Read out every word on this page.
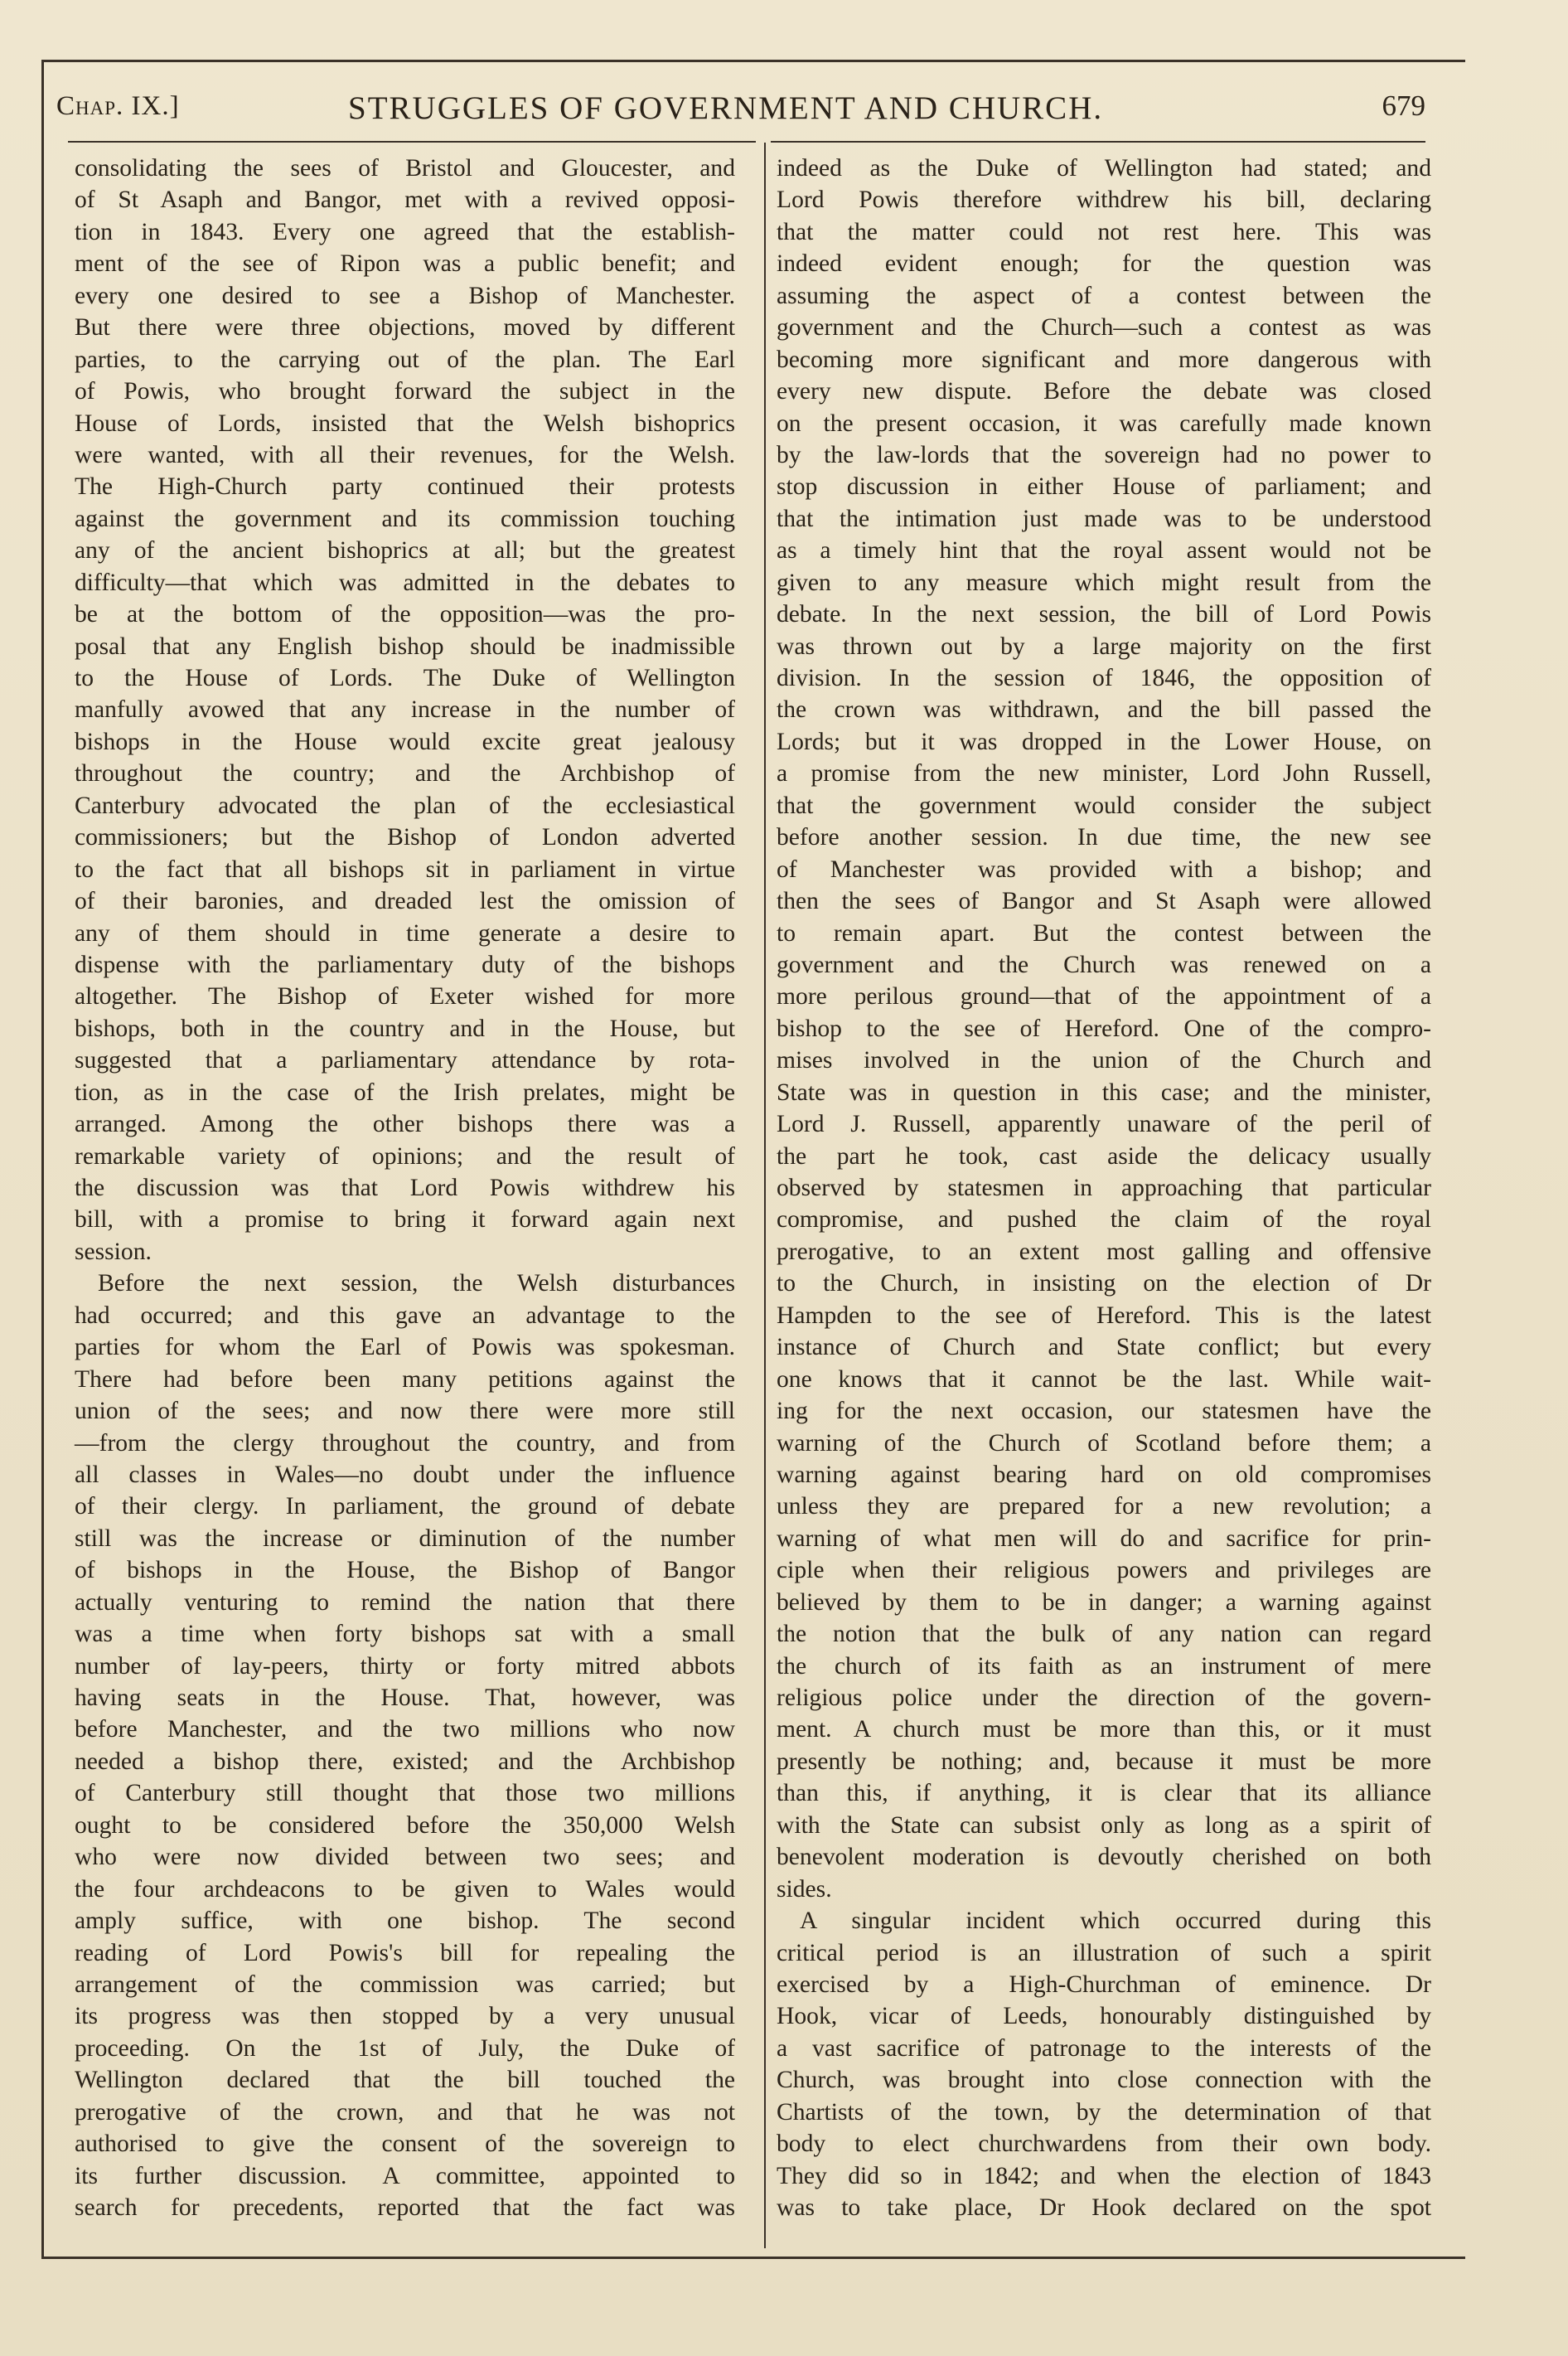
Chap. IX.]	STRUGGLES OF GOVERNMENT AND CHURCH.	679
consolidating the sees of Bristol and Gloucester, and
of St Asaph and Bangor, met with a revived opposi-
tion in 1843. Every one agreed that the establish-
ment of the see of Ripon was a public benefit; and
every one desired to see a Bishop of Manchester.
But there were three objections, moved by different
parties, to the carrying out of the plan. The Earl
of Powis, who brought forward the subject in the
House of Lords, insisted that the Welsh bishoprics
were wanted, with all their revenues, for the Welsh.
The High-Church party continued their protests
against the government and its commission touching
any of the ancient bishoprics at all; but the greatest
difficulty—that which was admitted in the debates to
be at the bottom of the opposition—was the pro-
posal that any English bishop should be inadmissible
to the House of Lords. The Duke of Wellington
manfully avowed that any increase in the number of
bishops in the House would excite great jealousy
throughout the country; and the Archbishop of
Canterbury advocated the plan of the ecclesiastical
commissioners; but the Bishop of London adverted
to the fact that all bishops sit in parliament in virtue
of their baronies, and dreaded lest the omission of
any of them should in time generate a desire to
dispense with the parliamentary duty of the bishops
altogether. The Bishop of Exeter wished for more
bishops, both in the country and in the House, but
suggested that a parliamentary attendance by rota-
tion, as in the case of the Irish prelates, might be
arranged. Among the other bishops there was a
remarkable variety of opinions; and the result of
the discussion was that Lord Powis withdrew his
bill, with a promise to bring it forward again next
session.
Before the next session, the Welsh disturbances
had occurred; and this gave an advantage to the
parties for whom the Earl of Powis was spokesman.
There had before been many petitions against the
union of the sees; and now there were more still
—from the clergy throughout the country, and from
all classes in Wales—no doubt under the influence
of their clergy. In parliament, the ground of debate
still was the increase or diminution of the number
of bishops in the House, the Bishop of Bangor
actually venturing to remind the nation that there
was a time when forty bishops sat with a small
number of lay-peers, thirty or forty mitred abbots
having seats in the House. That, however, was
before Manchester, and the two millions who now
needed a bishop there, existed; and the Archbishop
of Canterbury still thought that those two millions
ought to be considered before the 350,000 Welsh
who were now divided between two sees; and
the four archdeacons to be given to Wales would
amply suffice, with one bishop. The second
reading of Lord Powis's bill for repealing the
arrangement of the commission was carried; but
its progress was then stopped by a very unusual
proceeding. On the 1st of July, the Duke of
Wellington declared that the bill touched the
prerogative of the crown, and that he was not
authorised to give the consent of the sovereign to
its further discussion. A committee, appointed to
search for precedents, reported that the fact was
indeed as the Duke of Wellington had stated; and
Lord Powis therefore withdrew his bill, declaring
that the matter could not rest here. This was
indeed evident enough; for the question was
assuming the aspect of a contest between the
government and the Church—such a contest as was
becoming more significant and more dangerous with
every new dispute. Before the debate was closed
on the present occasion, it was carefully made known
by the law-lords that the sovereign had no power to
stop discussion in either House of parliament; and
that the intimation just made was to be understood
as a timely hint that the royal assent would not be
given to any measure which might result from the
debate. In the next session, the bill of Lord Powis
was thrown out by a large majority on the first
division. In the session of 1846, the opposition of
the crown was withdrawn, and the bill passed the
Lords; but it was dropped in the Lower House, on
a promise from the new minister, Lord John Russell,
that the government would consider the subject
before another session. In due time, the new see
of Manchester was provided with a bishop; and
then the sees of Bangor and St Asaph were allowed
to remain apart. But the contest between the
government and the Church was renewed on a
more perilous ground—that of the appointment of a
bishop to the see of Hereford. One of the compro-
mises involved in the union of the Church and
State was in question in this case; and the minister,
Lord J. Russell, apparently unaware of the peril of
the part he took, cast aside the delicacy usually
observed by statesmen in approaching that particular
compromise, and pushed the claim of the royal
prerogative, to an extent most galling and offensive
to the Church, in insisting on the election of Dr
Hampden to the see of Hereford. This is the latest
instance of Church and State conflict; but every
one knows that it cannot be the last. While wait-
ing for the next occasion, our statesmen have the
warning of the Church of Scotland before them; a
warning against bearing hard on old compromises
unless they are prepared for a new revolution; a
warning of what men will do and sacrifice for prin-
ciple when their religious powers and privileges are
believed by them to be in danger; a warning against
the notion that the bulk of any nation can regard
the church of its faith as an instrument of mere
religious police under the direction of the govern-
ment. A church must be more than this, or it must
presently be nothing; and, because it must be more
than this, if anything, it is clear that its alliance
with the State can subsist only as long as a spirit of
benevolent moderation is devoutly cherished on both
sides.
A singular incident which occurred during this
critical period is an illustration of such a spirit
exercised by a High-Churchman of eminence. Dr
Hook, vicar of Leeds, honourably distinguished by
a vast sacrifice of patronage to the interests of the
Church, was brought into close connection with the
Chartists of the town, by the determination of that
body to elect churchwardens from their own body.
They did so in 1842; and when the election of 1843
was to take place, Dr Hook declared on the spot
